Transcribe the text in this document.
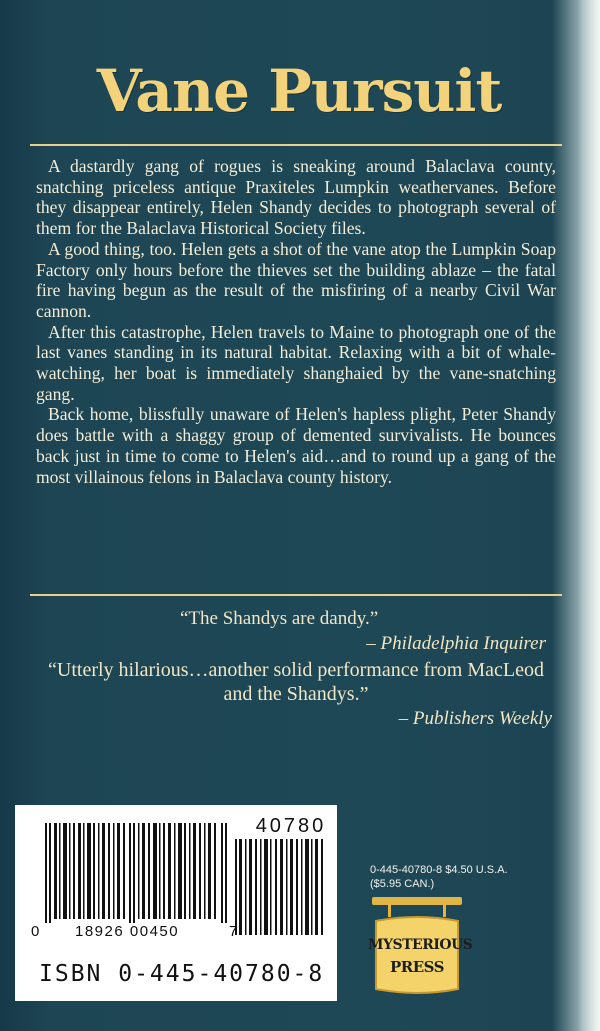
Vane Pursuit

A dastardly gang of rogues is sneaking around Balaclava county, snatching priceless antique Praxiteles Lumpkin weathervanes. Before they disappear entirely, Helen Shandy decides to photograph several of them for the Balaclava Historical Society files.

A good thing, too. Helen gets a shot of the vane atop the Lumpkin Soap Factory only hours before the thieves set the building ablaze – the fatal fire having begun as the result of the misfiring of a nearby Civil War cannon.

After this catastrophe, Helen travels to Maine to photograph one of the last vanes standing in its natural habitat. Relaxing with a bit of whale-watching, her boat is immediately shanghaied by the vane-snatching gang.

Back home, blissfully unaware of Helen's hapless plight, Peter Shandy does battle with a shaggy group of demented survivalists. He bounces back just in time to come to Helen's aid…and to round up a gang of the most villainous felons in Balaclava county history.

“The Shandys are dandy.”
– Philadelphia Inquirer
“Utterly hilarious…another solid performance from MacLeod and the Shandys.”
– Publishers Weekly
40780
0 18926 00450	7
ISBN 0-445-40780-8
0-445-40780-8 $4.50 U.S.A.
($5.95 CAN.)
MYSTERIOUS
PRESS
